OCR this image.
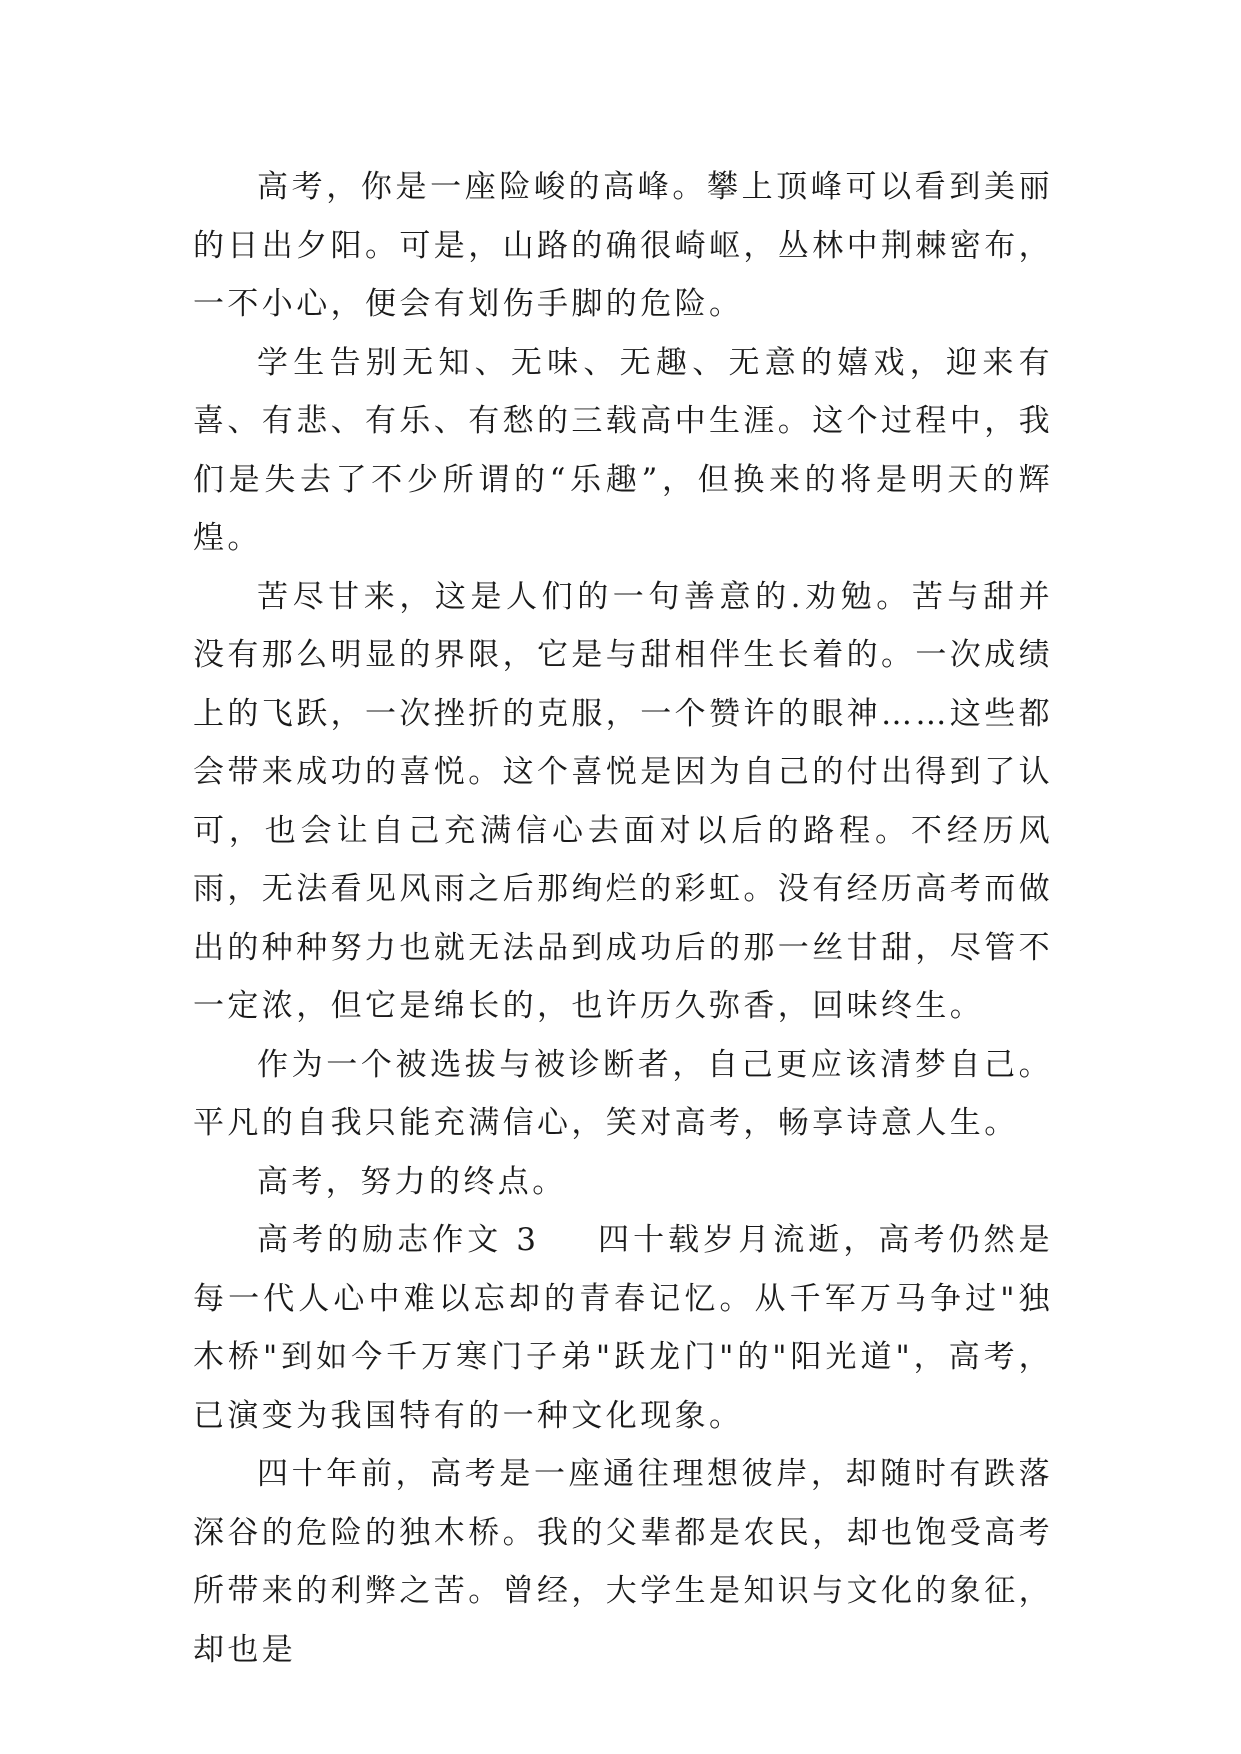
高考，你是一座险峻的高峰。攀上顶峰可以看到美丽的日出夕阳。可是，山路的确很崎岖，丛林中荆棘密布，一不小心，便会有划伤手脚的危险。

学生告别无知、无味、无趣、无意的嬉戏，迎来有喜、有悲、有乐、有愁的三载高中生涯。这个过程中，我们是失去了不少所谓的“乐趣”，但换来的将是明天的辉煌。

苦尽甘来，这是人们的一句善意的.劝勉。苦与甜并没有那么明显的界限，它是与甜相伴生长着的。一次成绩上的飞跃，一次挫折的克服，一个赞许的眼神……这些都会带来成功的喜悦。这个喜悦是因为自己的付出得到了认可，也会让自己充满信心去面对以后的路程。不经历风雨，无法看见风雨之后那绚烂的彩虹。没有经历高考而做出的种种努力也就无法品到成功后的那一丝甘甜，尽管不一定浓，但它是绵长的，也许历久弥香，回味终生。

作为一个被选拔与被诊断者，自己更应该清梦自己。平凡的自我只能充满信心，笑对高考，畅享诗意人生。

高考，努力的终点。

高考的励志作文 3 四十载岁月流逝，高考仍然是每一代人心中难以忘却的青春记忆。从千军万马争过"独木桥"到如今千万寒门子弟"跃龙门"的"阳光道"，高考，已演变为我国特有的一种文化现象。

四十年前，高考是一座通往理想彼岸，却随时有跌落深谷的危险的独木桥。我的父辈都是农民，却也饱受高考所带来的利弊之苦。曾经，大学生是知识与文化的象征，却也是
